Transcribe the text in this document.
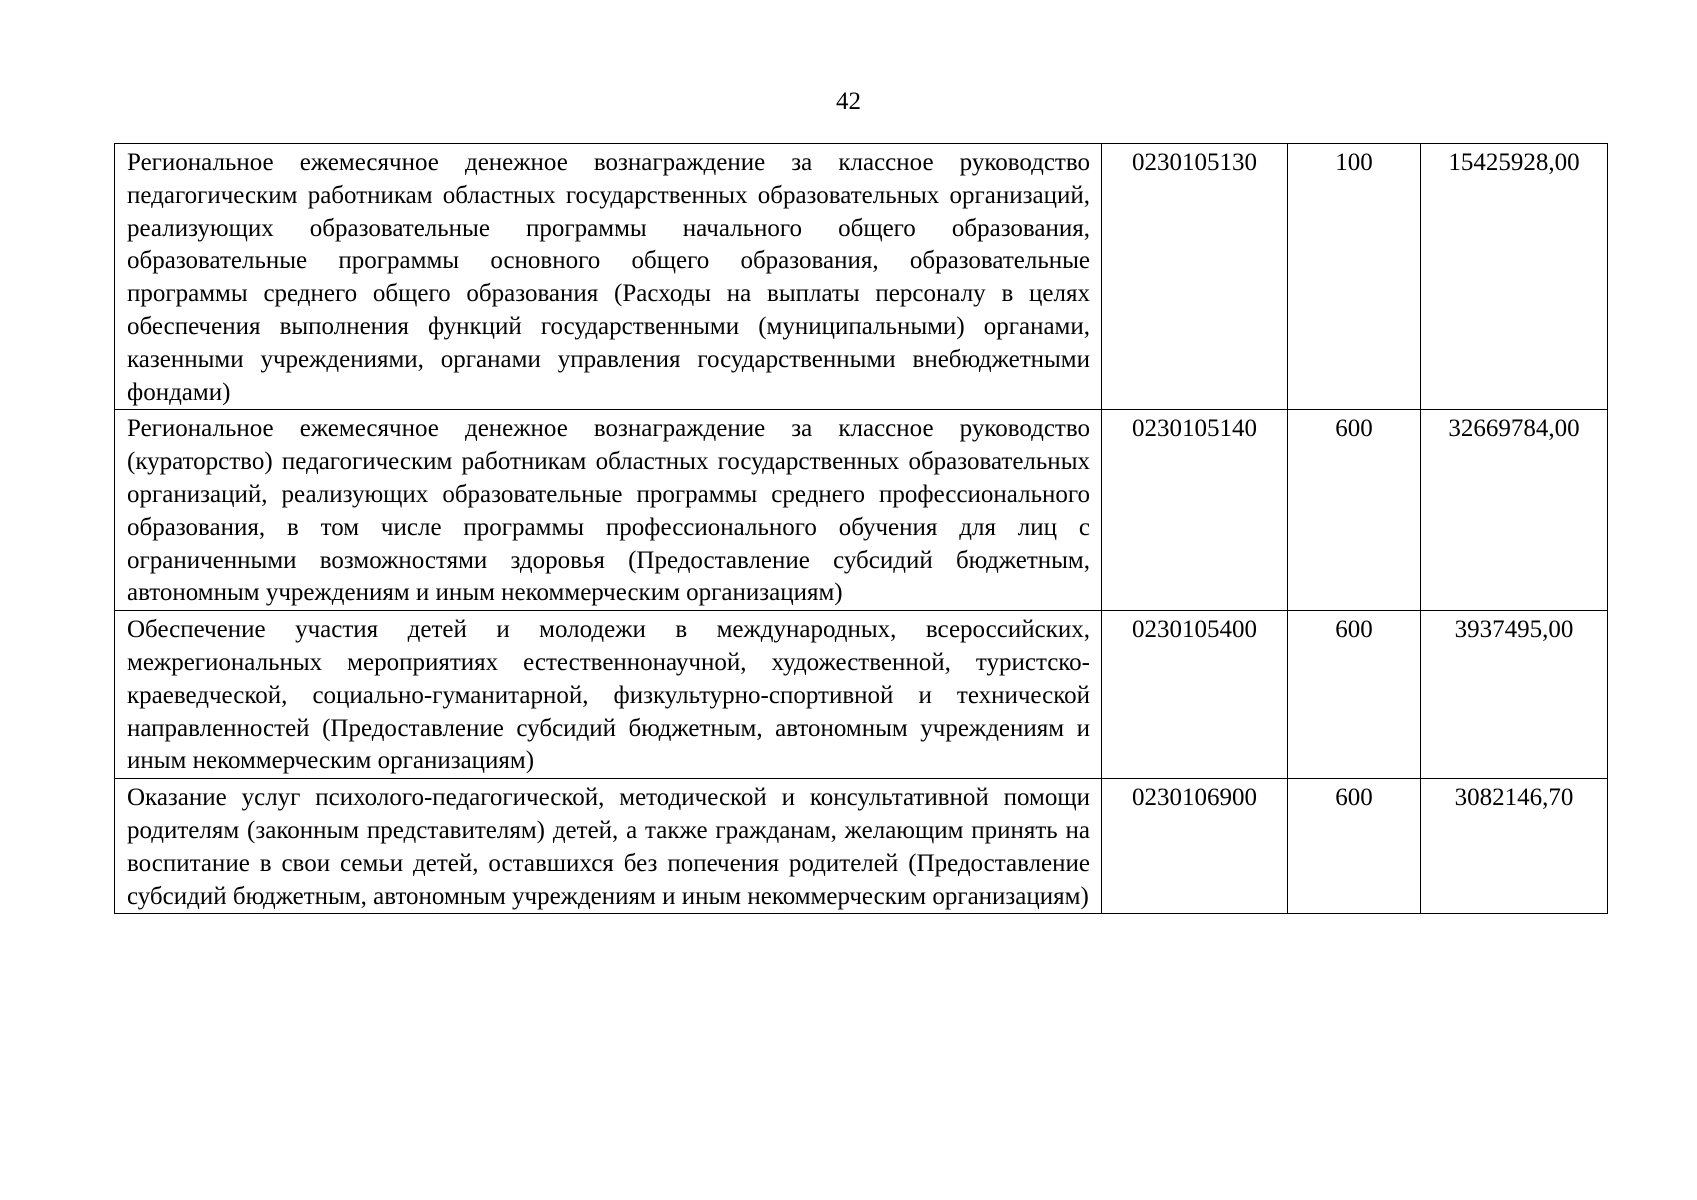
42
Региональное ежемесячное денежное вознаграждение за классное руководство педагогическим работникам областных государственных образовательных организаций, реализующих образовательные программы начального общего образования, образовательные программы основного общего образования, образовательные программы среднего общего образования (Расходы на выплаты персоналу в целях обеспечения выполнения функций государственными (муниципальными) органами, казенными учреждениями, органами управления государственными внебюджетными фондами)	0230105130	100	15425928,00
Региональное ежемесячное денежное вознаграждение за классное руководство (кураторство) педагогическим работникам областных государственных образовательных организаций, реализующих образовательные программы среднего профессионального образования, в том числе программы профессионального обучения для лиц с ограниченными возможностями здоровья (Предоставление субсидий бюджетным, автономным учреждениям и иным некоммерческим организациям)	0230105140	600	32669784,00
Обеспечение участия детей и молодежи в международных, всероссийских, межрегиональных мероприятиях естественнонаучной, художественной, туристско-краеведческой, социально-гуманитарной, физкультурно-спортивной и технической направленностей (Предоставление субсидий бюджетным, автономным учреждениям и иным некоммерческим организациям)	0230105400	600	3937495,00
Оказание услуг психолого-педагогической, методической и консультативной помощи родителям (законным представителям) детей, а также гражданам, желающим принять на воспитание в свои семьи детей, оставшихся без попечения родителей (Предоставление субсидий бюджетным, автономным учреждениям и иным некоммерческим организациям)	0230106900	600	3082146,70
